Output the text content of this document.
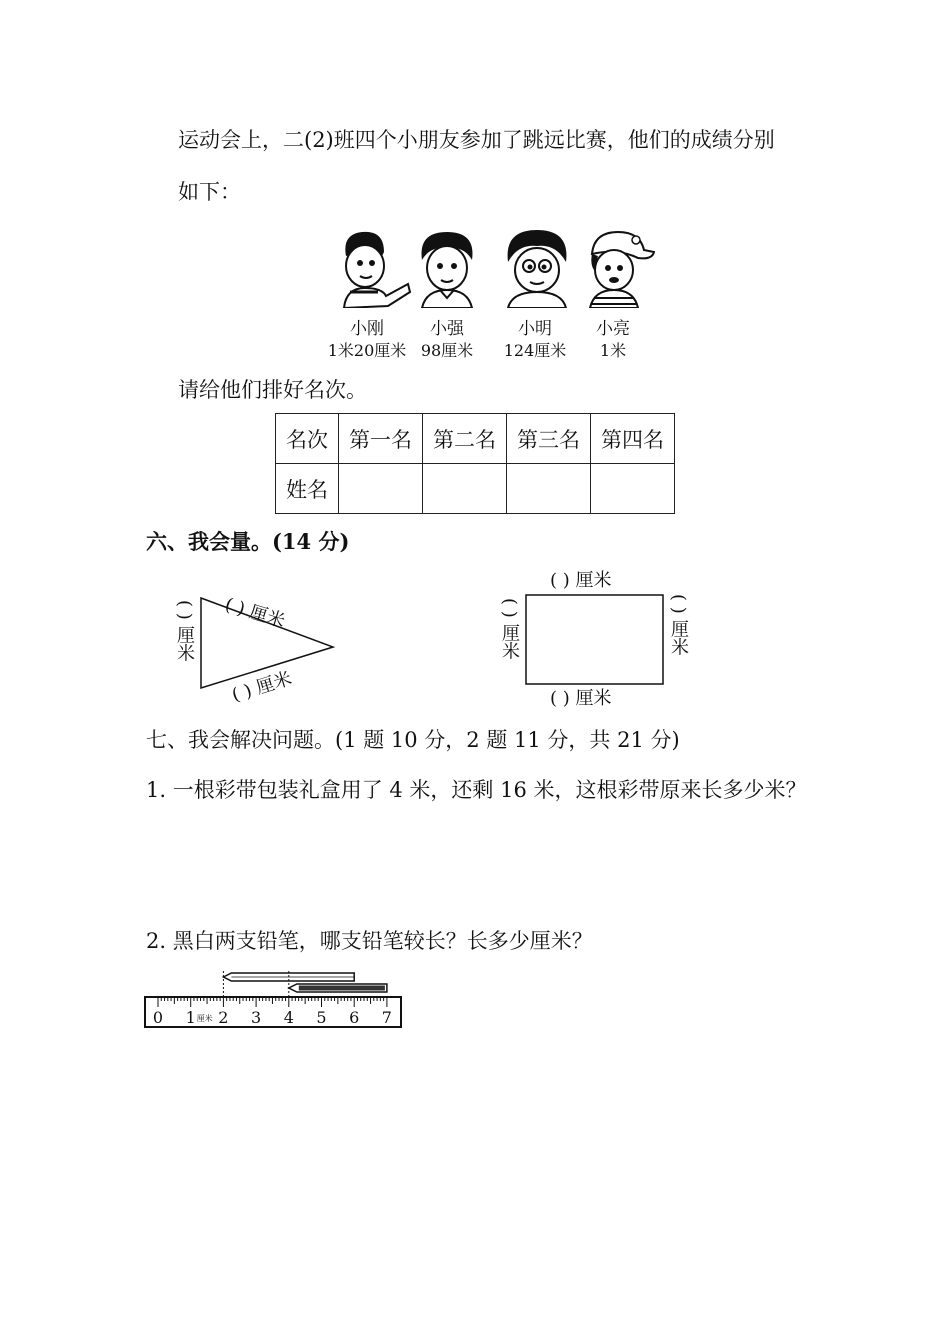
运动会上，二(2)班四个小朋友参加了跳远比赛，他们的成绩分别
如下：
小刚
1米20厘米
小强
98厘米
小明
124厘米
小亮
1米
请给他们排好名次。
名次	第一名	第二名	第三名	第四名
姓名				
六、我会量。(14 分)
( ) 厘米 ( ) 厘米
( ) 厘米
( ) 厘米
( ) 厘米
( ) 厘米	( ) 厘米
七、我会解决问题。(1 题 10 分，2 题 11 分，共 21 分)
1. 一根彩带包装礼盒用了 4 米，还剩 16 米，这根彩带原来长多少米？
2. 黑白两支铅笔，哪支铅笔较长？长多少厘米？
0 1 2 3 4 5 6 7
厘米
